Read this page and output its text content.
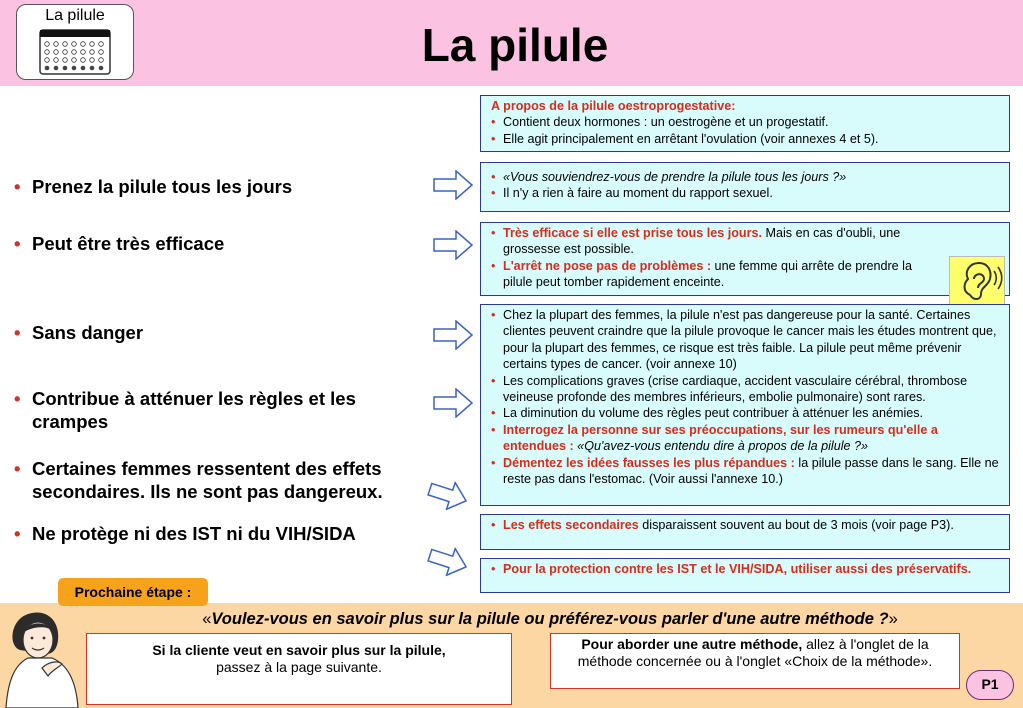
La pilule
La pilule
• Prenez la pilule tous les jours
• Peut être très efficace
• Sans danger
• Contribue à atténuer les règles et les crampes
• Certaines femmes ressentent des effets secondaires. Ils ne sont pas dangereux.
• Ne protège ni des IST ni du VIH/SIDA
A propos de la pilule oestroprogestative:
• Contient deux hormones : un oestrogène et un progestatif.
• Elle agit principalement en arrêtant l'ovulation (voir annexes 4 et 5).
• «Vous souviendrez-vous de prendre la pilule tous les jours ?»
• Il n'y a rien à faire au moment du rapport sexuel.
• Très efficace si elle est prise tous les jours. Mais en cas d'oubli, une grossesse est possible.
• L'arrêt ne pose pas de problèmes : une femme qui arrête de prendre la pilule peut tomber rapidement enceinte.
• Chez la plupart des femmes, la pilule n'est pas dangereuse pour la santé. Certaines clientes peuvent craindre que la pilule provoque le cancer mais les études montrent que, pour la plupart des femmes, ce risque est très faible. La pilule peut même prévenir certains types de cancer. (voir annexe 10)
• Les complications graves (crise cardiaque, accident vasculaire cérébral, thrombose veineuse profonde des membres inférieurs, embolie pulmonaire) sont rares.
• La diminution du volume des règles peut contribuer à atténuer les anémies.
• Interrogez la personne sur ses préoccupations, sur les rumeurs qu'elle a entendues : «Qu'avez-vous entendu dire à propos de la pilule ?»
• Démentez les idées fausses les plus répandues : la pilule passe dans le sang. Elle ne reste pas dans l'estomac. (Voir aussi l'annexe 10.)
• Les effets secondaires disparaissent souvent au bout de 3 mois (voir page P3).
• Pour la protection contre les IST et le VIH/SIDA, utiliser aussi des préservatifs.
Prochaine étape :
«Voulez-vous en savoir plus sur la pilule ou préférez-vous parler d'une autre méthode ?»
Si la cliente veut en savoir plus sur la pilule,
passez à la page suivante.
Pour aborder une autre méthode, allez à l'onglet de la méthode concernée ou à l'onglet «Choix de la méthode».
P1
